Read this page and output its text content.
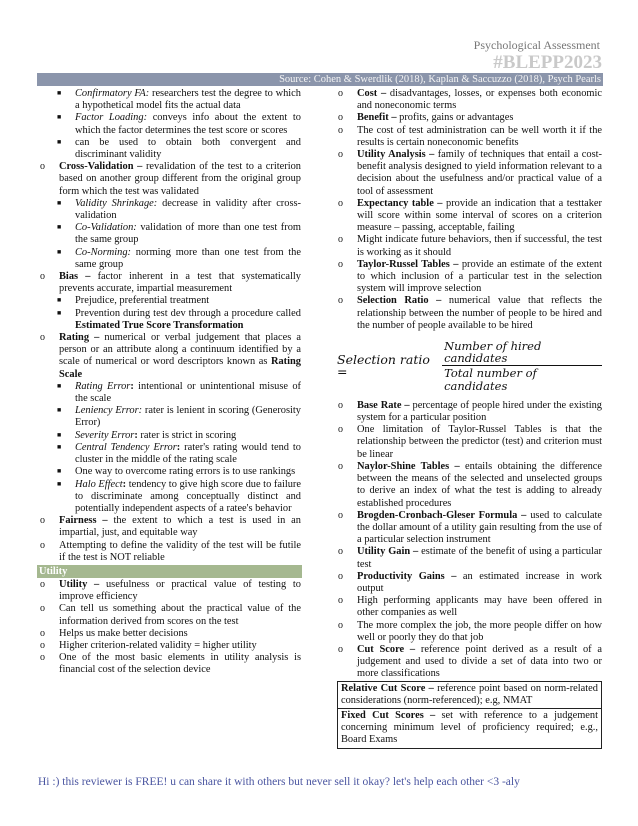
Psychological Assessment
#BLEPP2023
Source: Cohen & Swerdlik (2018), Kaplan & Saccuzzo (2018), Psych Pearls
■ Confirmatory FA: researchers test the degree to which a hypothetical model fits the actual data
■ Factor Loading: conveys info about the extent to which the factor determines the test score or scores
■ can be used to obtain both convergent and discriminant validity
o Cross-Validation – revalidation of the test to a criterion based on another group different from the original group form which the test was validated
■ Validity Shrinkage: decrease in validity after cross-validation
■ Co-Validation: validation of more than one test from the same group
■ Co-Norming: norming more than one test from the same group
o Bias – factor inherent in a test that systematically prevents accurate, impartial measurement
■ Prejudice, preferential treatment
■ Prevention during test dev through a procedure called Estimated True Score Transformation
o Rating – numerical or verbal judgement that places a person or an attribute along a continuum identified by a scale of numerical or word descriptors known as Rating Scale
■ Rating Error: intentional or unintentional misuse of the scale
■ Leniency Error: rater is lenient in scoring (Generosity Error)
■ Severity Error: rater is strict in scoring
■ Central Tendency Error: rater's rating would tend to cluster in the middle of the rating scale
■ One way to overcome rating errors is to use rankings
■ Halo Effect: tendency to give high score due to failure to discriminate among conceptually distinct and potentially independent aspects of a ratee's behavior
o Fairness – the extent to which a test is used in an impartial, just, and equitable way
o Attempting to define the validity of the test will be futile if the test is NOT reliable
Utility
o Utility – usefulness or practical value of testing to improve efficiency
o Can tell us something about the practical value of the information derived from scores on the test
o Helps us make better decisions
o Higher criterion-related validity = higher utility
o One of the most basic elements in utility analysis is financial cost of the selection device
o Cost – disadvantages, losses, or expenses both economic and noneconomic terms
o Benefit – profits, gains or advantages
o The cost of test administration can be well worth it if the results is certain noneconomic benefits
o Utility Analysis – family of techniques that entail a cost-benefit analysis designed to yield information relevant to a decision about the usefulness and/or practical value of a tool of assessment
o Expectancy table – provide an indication that a testtaker will score within some interval of scores on a criterion measure – passing, acceptable, failing
o Might indicate future behaviors, then if successful, the test is working as it should
o Taylor-Russel Tables – provide an estimate of the extent to which inclusion of a particular test in the selection system will improve selection
o Selection Ratio – numerical value that reflects the relationship between the number of people to be hired and the number of people available to be hired
Selection ratio =	$\frac{\text{Number of hired candidates}}{\text{Total number of candidates}}$
o Base Rate – percentage of people hired under the existing system for a particular position
o One limitation of Taylor-Russel Tables is that the relationship between the predictor (test) and criterion must be linear
o Naylor-Shine Tables – entails obtaining the difference between the means of the selected and unselected groups to derive an index of what the test is adding to already established procedures
o Brogden-Cronbach-Gleser Formula – used to calculate the dollar amount of a utility gain resulting from the use of a particular selection instrument
o Utility Gain – estimate of the benefit of using a particular test
o Productivity Gains – an estimated increase in work output
o High performing applicants may have been offered in other companies as well
o The more complex the job, the more people differ on how well or poorly they do that job
o Cut Score – reference point derived as a result of a judgement and used to divide a set of data into two or more classifications
Relative Cut Score – reference point based on norm-related considerations (norm-referenced); e.g, NMAT
Fixed Cut Scores – set with reference to a judgement concerning minimum level of proficiency required; e.g., Board Exams
Hi :) this reviewer is FREE! u can share it with others but never sell it okay? let's help each other <3 -aly
